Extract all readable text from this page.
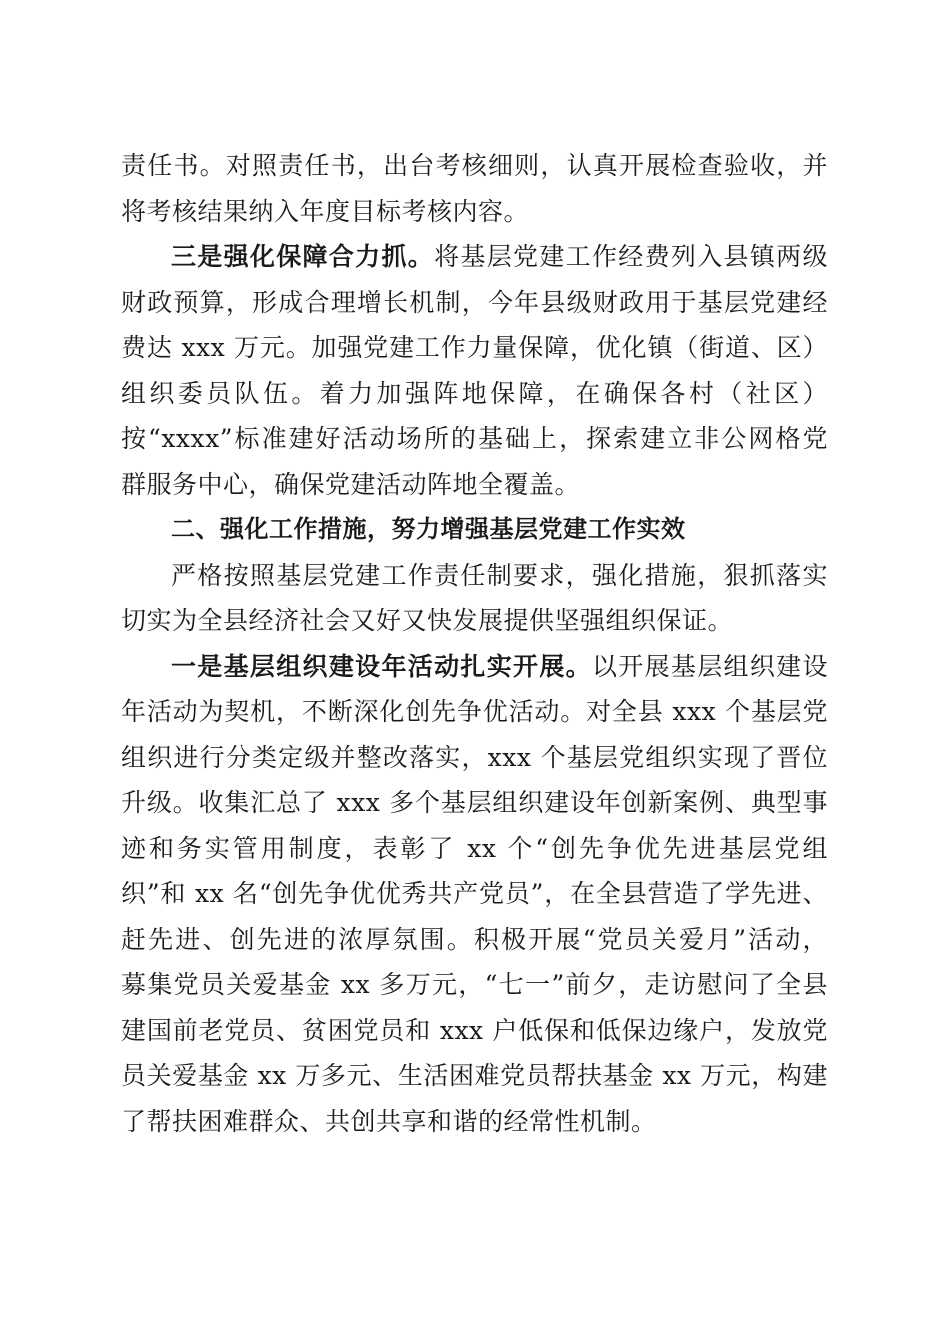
责任书。对照责任书，出台考核细则，认真开展检查验收，并
将考核结果纳入年度目标考核内容。
三是强化保障合力抓。将基层党建工作经费列入县镇两级
财政预算，形成合理增长机制，今年县级财政用于基层党建经
费达 xxx 万元。加强党建工作力量保障，优化镇（街道、区）
组织委员队伍。着力加强阵地保障，在确保各村（社区）
按“xxxx”标准建好活动场所的基础上，探索建立非公网格党
群服务中心，确保党建活动阵地全覆盖。
二、强化工作措施，努力增强基层党建工作实效
严格按照基层党建工作责任制要求，强化措施，狠抓落实
切实为全县经济社会又好又快发展提供坚强组织保证。
一是基层组织建设年活动扎实开展。以开展基层组织建设
年活动为契机，不断深化创先争优活动。对全县 xxx 个基层党
组织进行分类定级并整改落实，xxx 个基层党组织实现了晋位
升级。收集汇总了 xxx 多个基层组织建设年创新案例、典型事
迹和务实管用制度，表彰了 xx 个“创先争优先进基层党组
织”和 xx 名“创先争优优秀共产党员”，在全县营造了学先进、
赶先进、创先进的浓厚氛围。积极开展“党员关爱月”活动，
募集党员关爱基金 xx 多万元，“七一”前夕，走访慰问了全县
建国前老党员、贫困党员和 xxx 户低保和低保边缘户，发放党
员关爱基金 xx 万多元、生活困难党员帮扶基金 xx 万元，构建
了帮扶困难群众、共创共享和谐的经常性机制。
